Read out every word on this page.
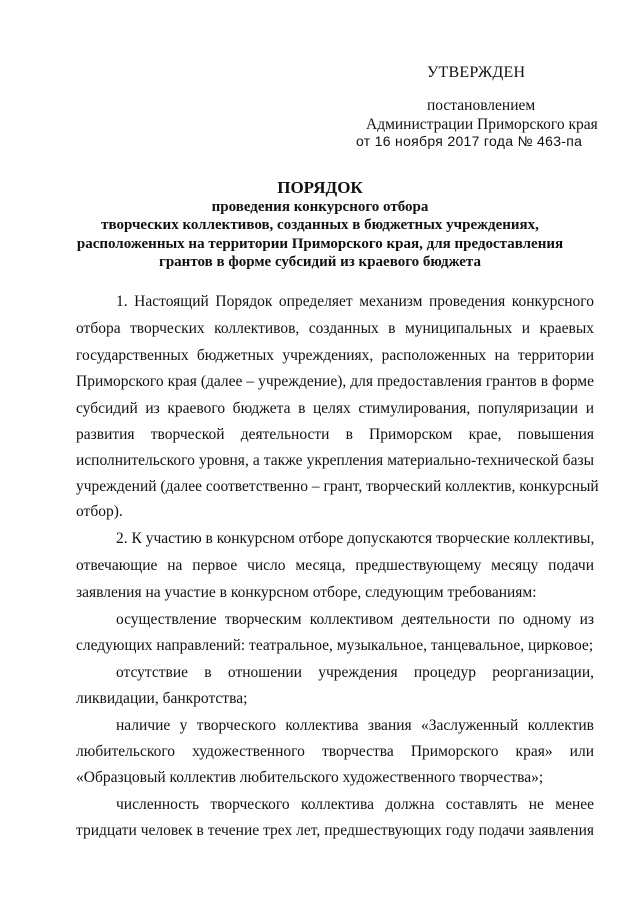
УТВЕРЖДЕН
постановлением
Администрации Приморского края
от 16 ноября 2017 года № 463-па
ПОРЯДОК
проведения конкурсного отбора
творческих коллективов, созданных в бюджетных учреждениях,
расположенных на территории Приморского края, для предоставления
грантов в форме субсидий из краевого бюджета
1. Настоящий Порядок определяет механизм проведения конкурсного
отбора творческих коллективов, созданных в муниципальных и краевых
государственных бюджетных учреждениях, расположенных на территории
Приморского края (далее – учреждение), для предоставления грантов в форме
субсидий из краевого бюджета в целях стимулирования, популяризации и
развития творческой деятельности в Приморском крае, повышения
исполнительского уровня, а также укрепления материально-технической базы
учреждений (далее соответственно – грант, творческий коллектив, конкурсный
отбор).
2. К участию в конкурсном отборе допускаются творческие коллективы,
отвечающие на первое число месяца, предшествующему месяцу подачи
заявления на участие в конкурсном отборе, следующим требованиям:
осуществление творческим коллективом деятельности по одному из
следующих направлений: театральное, музыкальное, танцевальное, цирковое;
отсутствие в отношении учреждения процедур реорганизации,
ликвидации, банкротства;
наличие у творческого коллектива звания «Заслуженный коллектив
любительского художественного творчества Приморского края» или
«Образцовый коллектив любительского художественного творчества»;
численность творческого коллектива должна составлять не менее
тридцати человек в течение трех лет, предшествующих году подачи заявления
